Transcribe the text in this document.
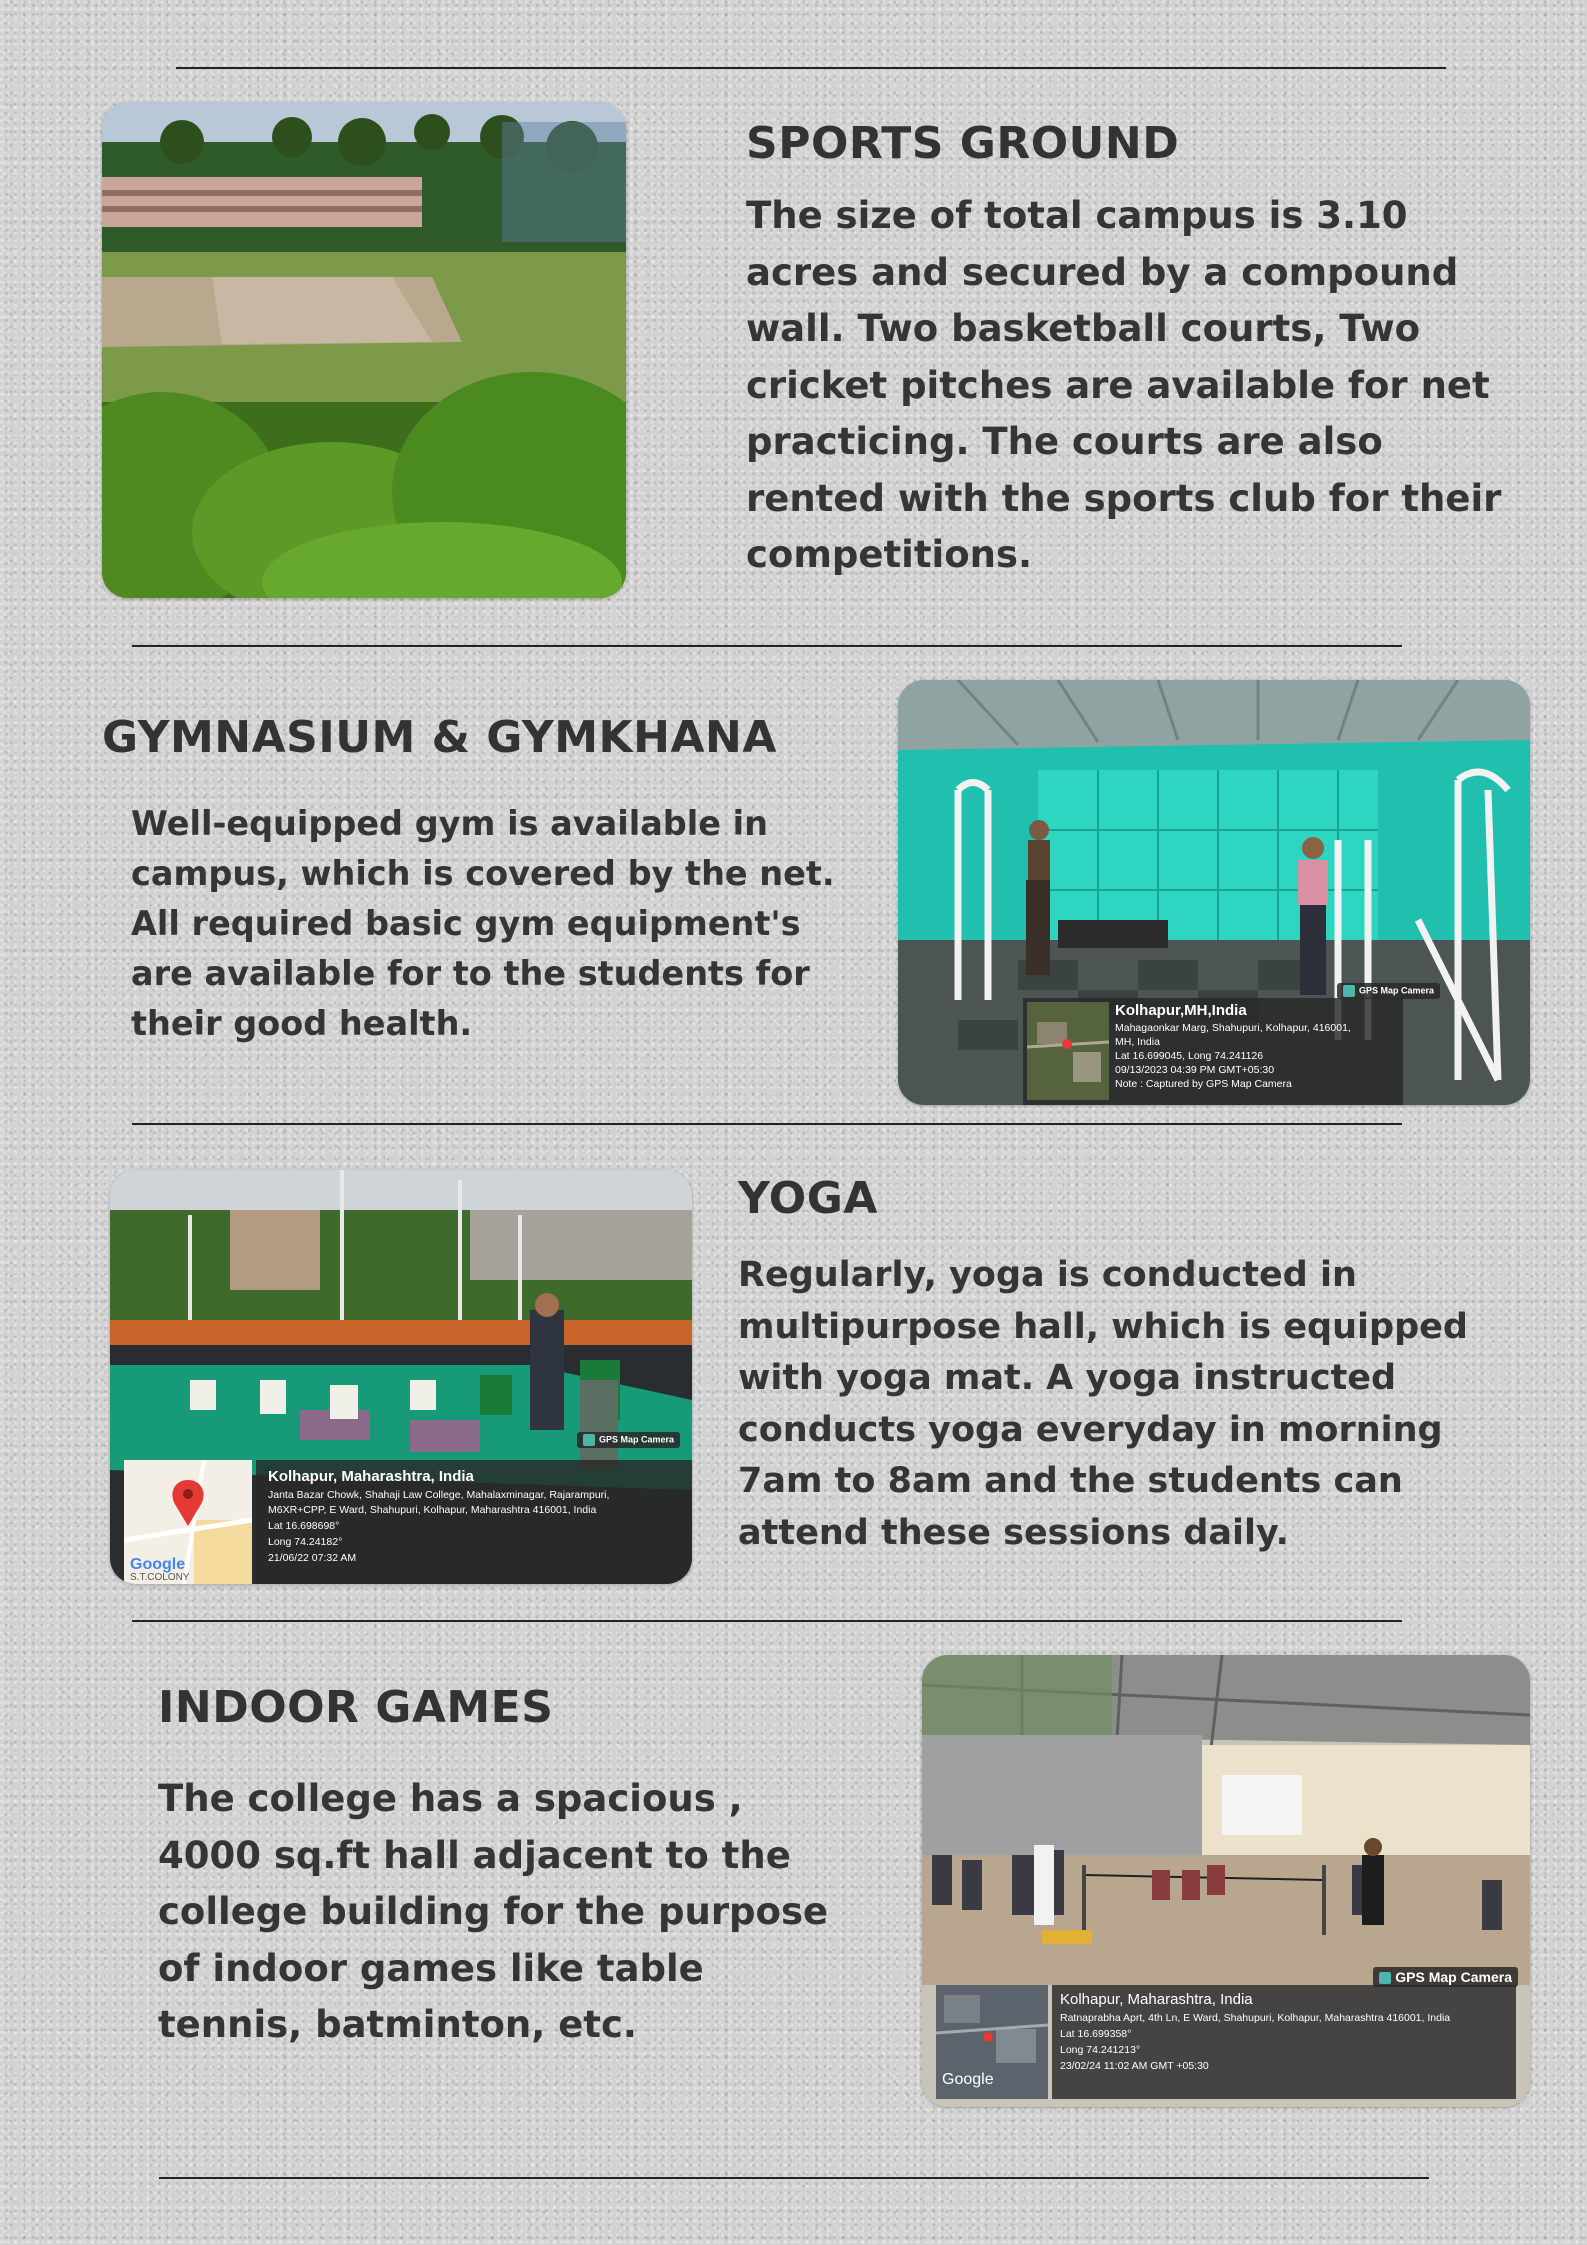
SPORTS GROUND

The size of total campus is 3.10 acres and secured by a compound wall. Two basketball courts, Two cricket pitches are available for net practicing. The courts are also rented with the sports club for their competitions.

GYMNASIUM & GYMKHANA

Well-equipped gym is available in campus, which is covered by the net. All required basic gym equipment's are available for to the students for their good health.

GPS Map Camera
Kolhapur,MH,India
Mahagaonkar Marg, Shahupuri, Kolhapur, 416001,
MH, India
Lat 16.699045, Long 74.241126
09/13/2023 04:39 PM GMT+05:30
Note : Captured by GPS Map Camera
GPS Map Camera
Google
S.T.COLONY
Kolhapur, Maharashtra, India
Janta Bazar Chowk, Shahaji Law College, Mahalaxminagar, Rajarampuri,
M6XR+CPP, E Ward, Shahupuri, Kolhapur, Maharashtra 416001, India
Lat 16.698698°
Long 74.24182°
21/06/22 07:32 AM
YOGA

Regularly, yoga is conducted in multipurpose hall, which is equipped with yoga mat. A yoga instructed conducts yoga everyday in morning 7am to 8am and the students can attend these sessions daily.

INDOOR GAMES

The college has a spacious , 4000 sq.ft hall adjacent to the college building for the purpose of indoor games like table tennis, batminton, etc.

GPS Map Camera
Google
Kolhapur, Maharashtra, India
Ratnaprabha Aprt, 4th Ln, E Ward, Shahupuri, Kolhapur, Maharashtra 416001, India
Lat 16.699358°
Long 74.241213°
23/02/24 11:02 AM GMT +05:30
